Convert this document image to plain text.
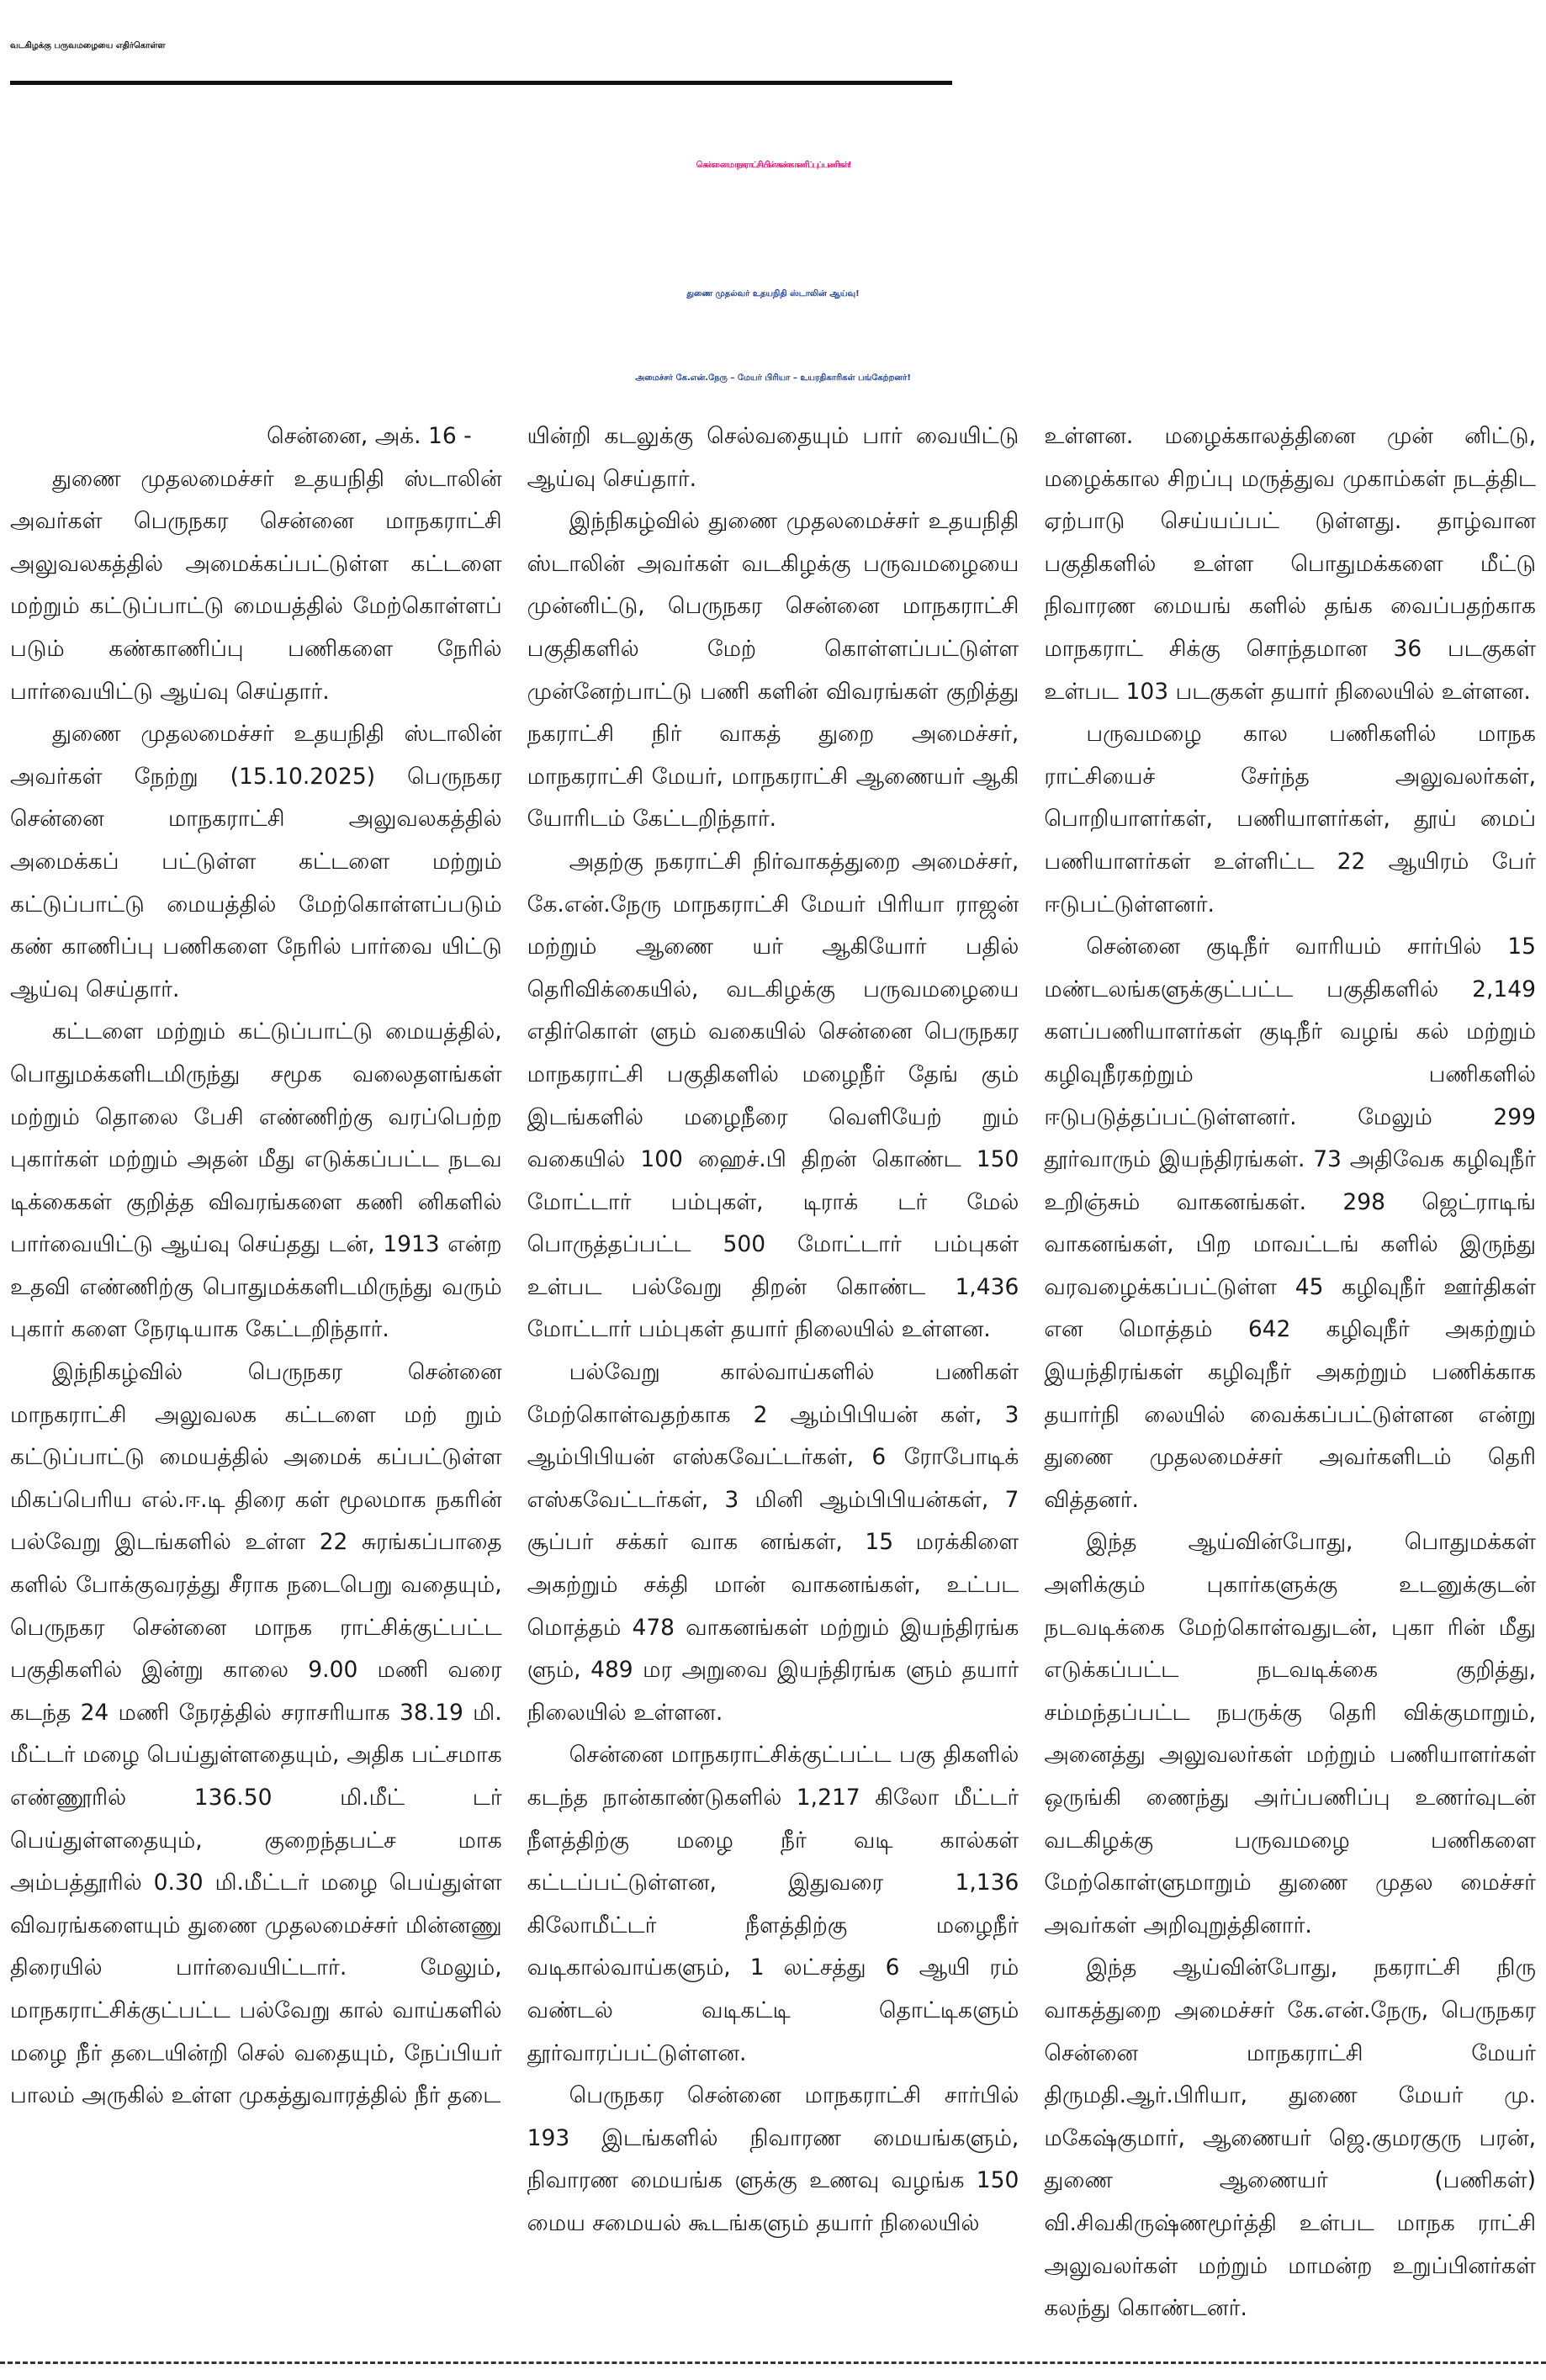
வடகிழக்கு பருவமழையை எதிர்கொள்ள
சென்னை மாநகராட்சியின் கண்காணிப்புப் பணிகள்!
துணை முதல்வர் உதயநிதி ஸ்டாலின் ஆய்வு!
அமைச்சர் கே.என்.நேரு – மேயர் பிரியா – உயரதிகாரிகள் பங்கேற்றனர்!

சென்னை, அக். 16 -

துணை முதலமைச்சர் உதயநிதி ஸ்டாலின் அவர்கள் பெருநகர சென்னை மாநகராட்சி அலுவலகத்தில் அமைக்கப்பட்டுள்ள கட்டளை மற்றும் கட்டுப்பாட்டு மையத்தில் மேற்கொள்ளப் படும் கண்காணிப்பு பணிகளை நேரில் பார்வையிட்டு ஆய்வு செய்தார்.

துணை முதலமைச்சர் உதயநிதி ஸ்டாலின் அவர்கள் நேற்று (15.10.2025) பெருநகர சென்னை மாநகராட்சி அலுவலகத்தில் அமைக்கப் பட்டுள்ள கட்டளை மற்றும் கட்டுப்பாட்டு மையத்தில் மேற்கொள்ளப்படும் கண் காணிப்பு பணிகளை நேரில் பார்வை யிட்டு ஆய்வு செய்தார்.

கட்டளை மற்றும் கட்டுப்பாட்டு மையத்தில், பொதுமக்களிடமிருந்து சமூக வலைதளங்கள் மற்றும் தொலை பேசி எண்ணிற்கு வரப்பெற்ற புகார்கள் மற்றும் அதன் மீது எடுக்கப்பட்ட நடவ டிக்கைகள் குறித்த விவரங்களை கணி னிகளில் பார்வையிட்டு ஆய்வு செய்தது டன், 1913 என்ற உதவி எண்ணிற்கு பொதுமக்களிடமிருந்து வரும் புகார் களை நேரடியாக கேட்டறிந்தார்.

இந்நிகழ்வில் பெருநகர சென்னை மாநகராட்சி அலுவலக கட்டளை மற் றும் கட்டுப்பாட்டு மையத்தில் அமைக் கப்பட்டுள்ள மிகப்பெரிய எல்.ஈ.டி திரை கள் மூலமாக நகரின் பல்வேறு இடங்களில் உள்ள 22 சுரங்கப்பாதை களில் போக்குவரத்து சீராக நடைபெறு வதையும், பெருநகர சென்னை மாநக ராட்சிக்குட்பட்ட பகுதிகளில் இன்று காலை 9.00 மணி வரை கடந்த 24 மணி நேரத்தில் சராசரியாக 38.19 மி. மீட்டர் மழை பெய்துள்ளதையும், அதிக பட்சமாக எண்ணூரில் 136.50 மி.மீட் டர் பெய்துள்ளதையும், குறைந்தபட்ச மாக அம்பத்தூரில் 0.30 மி.மீட்டர் மழை பெய்துள்ள விவரங்களையும் துணை முதலமைச்சர் மின்னணு திரையில் பார்வையிட்டார். மேலும், மாநகராட்சிக்குட்பட்ட பல்வேறு கால் வாய்களில் மழை நீர் தடையின்றி செல் வதையும், நேப்பியர் பாலம் அருகில் உள்ள முகத்துவாரத்தில் நீர் தடை

யின்றி கடலுக்கு செல்வதையும் பார் வையிட்டு ஆய்வு செய்தார்.

இந்நிகழ்வில் துணை முதலமைச்சர் உதயநிதி ஸ்டாலின் அவர்கள் வடகிழக்கு பருவமழையை முன்னிட்டு, பெருநகர சென்னை மாநகராட்சி பகுதிகளில் மேற் கொள்ளப்பட்டுள்ள முன்னேற்பாட்டு பணி களின் விவரங்கள் குறித்து நகராட்சி நிர் வாகத் துறை அமைச்சர், மாநகராட்சி மேயர், மாநகராட்சி ஆணையர் ஆகி யோரிடம் கேட்டறிந்தார்.

அதற்கு நகராட்சி நிர்வாகத்துறை அமைச்சர், கே.என்.நேரு மாநகராட்சி மேயர் பிரியா ராஜன் மற்றும் ஆணை யர் ஆகியோர் பதில் தெரிவிக்கையில், வடகிழக்கு பருவமழையை எதிர்கொள் ளும் வகையில் சென்னை பெருநகர மாநகராட்சி பகுதிகளில் மழைநீர் தேங் கும் இடங்களில் மழைநீரை வெளியேற் றும் வகையில் 100 ஹைச்.பி திறன் கொண்ட 150 மோட்டார் பம்புகள், டிராக் டர் மேல் பொருத்தப்பட்ட 500 மோட்டார் பம்புகள் உள்பட பல்வேறு திறன் கொண்ட 1,436 மோட்டார் பம்புகள் தயார் நிலையில் உள்ளன.

பல்வேறு கால்வாய்களில் பணிகள் மேற்கொள்வதற்காக 2 ஆம்பிபியன் கள், 3 ஆம்பிபியன் எஸ்கவேட்டர்கள், 6 ரோபோடிக் எஸ்கவேட்டர்கள், 3 மினி ஆம்பிபியன்கள், 7 சூப்பர் சக்கர் வாக னங்கள், 15 மரக்கிளை அகற்றும் சக்தி மான் வாகனங்கள், உட்பட மொத்தம் 478 வாகனங்கள் மற்றும் இயந்திரங்க ளும், 489 மர அறுவை இயந்திரங்க ளும் தயார் நிலையில் உள்ளன.

சென்னை மாநகராட்சிக்குட்பட்ட பகு திகளில் கடந்த நான்காண்டுகளில் 1,217 கிலோ மீட்டர் நீளத்திற்கு மழை நீர் வடி கால்கள் கட்டப்பட்டுள்ளன, இதுவரை 1,136 கிலோமீட்டர் நீளத்திற்கு மழைநீர் வடிகால்வாய்களும், 1 லட்சத்து 6 ஆயி ரம் வண்டல் வடிகட்டி தொட்டிகளும் தூர்வாரப்பட்டுள்ளன.

பெருநகர சென்னை மாநகராட்சி சார்பில் 193 இடங்களில் நிவாரண மையங்களும், நிவாரண மையங்க ளுக்கு உணவு வழங்க 150 மைய சமையல் கூடங்களும் தயார் நிலையில்

உள்ளன. மழைக்காலத்தினை முன் னிட்டு, மழைக்கால சிறப்பு மருத்துவ முகாம்கள் நடத்திட ஏற்பாடு செய்யப்பட் டுள்ளது. தாழ்வான பகுதிகளில் உள்ள பொதுமக்களை மீட்டு நிவாரண மையங் களில் தங்க வைப்பதற்காக மாநகராட் சிக்கு சொந்தமான 36 படகுகள் உள்பட 103 படகுகள் தயார் நிலையில் உள்ளன.

பருவமழை கால பணிகளில் மாநக ராட்சியைச் சேர்ந்த அலுவலர்கள், பொறியாளர்கள், பணியாளர்கள், தூய் மைப் பணியாளர்கள் உள்ளிட்ட 22 ஆயிரம் பேர் ஈடுபட்டுள்ளனர்.

சென்னை குடிநீர் வாரியம் சார்பில் 15 மண்டலங்களுக்குட்பட்ட பகுதிகளில் 2,149 களப்பணியாளர்கள் குடிநீர் வழங் கல் மற்றும் கழிவுநீரகற்றும் பணிகளில் ஈடுபடுத்தப்பட்டுள்ளனர். மேலும் 299 தூர்வாரும் இயந்திரங்கள். 73 அதிவேக கழிவுநீர் உறிஞ்சும் வாகனங்கள். 298 ஜெட்ராடிங் வாகனங்கள், பிற மாவட்டங் களில் இருந்து வரவழைக்கப்பட்டுள்ள 45 கழிவுநீர் ஊர்திகள் என மொத்தம் 642 கழிவுநீர் அகற்றும் இயந்திரங்கள் கழிவுநீர் அகற்றும் பணிக்காக தயார்நி லையில் வைக்கப்பட்டுள்ளன என்று துணை முதலமைச்சர் அவர்களிடம் தெரி வித்தனர்.

இந்த ஆய்வின்போது, பொதுமக்கள் அளிக்கும் புகார்களுக்கு உடனுக்குடன் நடவடிக்கை மேற்கொள்வதுடன், புகா ரின் மீது எடுக்கப்பட்ட நடவடிக்கை குறித்து, சம்மந்தப்பட்ட நபருக்கு தெரி விக்குமாறும், அனைத்து அலுவலர்கள் மற்றும் பணியாளர்கள் ஒருங்கி ணைந்து அர்ப்பணிப்பு உணர்வுடன் வடகிழக்கு பருவமழை பணிகளை மேற்கொள்ளுமாறும் துணை முதல மைச்சர் அவர்கள் அறிவுறுத்தினார்.

இந்த ஆய்வின்போது, நகராட்சி நிரு வாகத்துறை அமைச்சர் கே.என்.நேரு, பெருநகர சென்னை மாநகராட்சி மேயர் திருமதி.ஆர்.பிரியா, துணை மேயர் மு. மகேஷ்குமார், ஆணையர் ஜெ.குமரகுரு பரன், துணை ஆணையர் (பணிகள்) வி.சிவகிருஷ்ணமூர்த்தி உள்பட மாநக ராட்சி அலுவலர்கள் மற்றும் மாமன்ற உறுப்பினர்கள் கலந்து கொண்டனர்.
